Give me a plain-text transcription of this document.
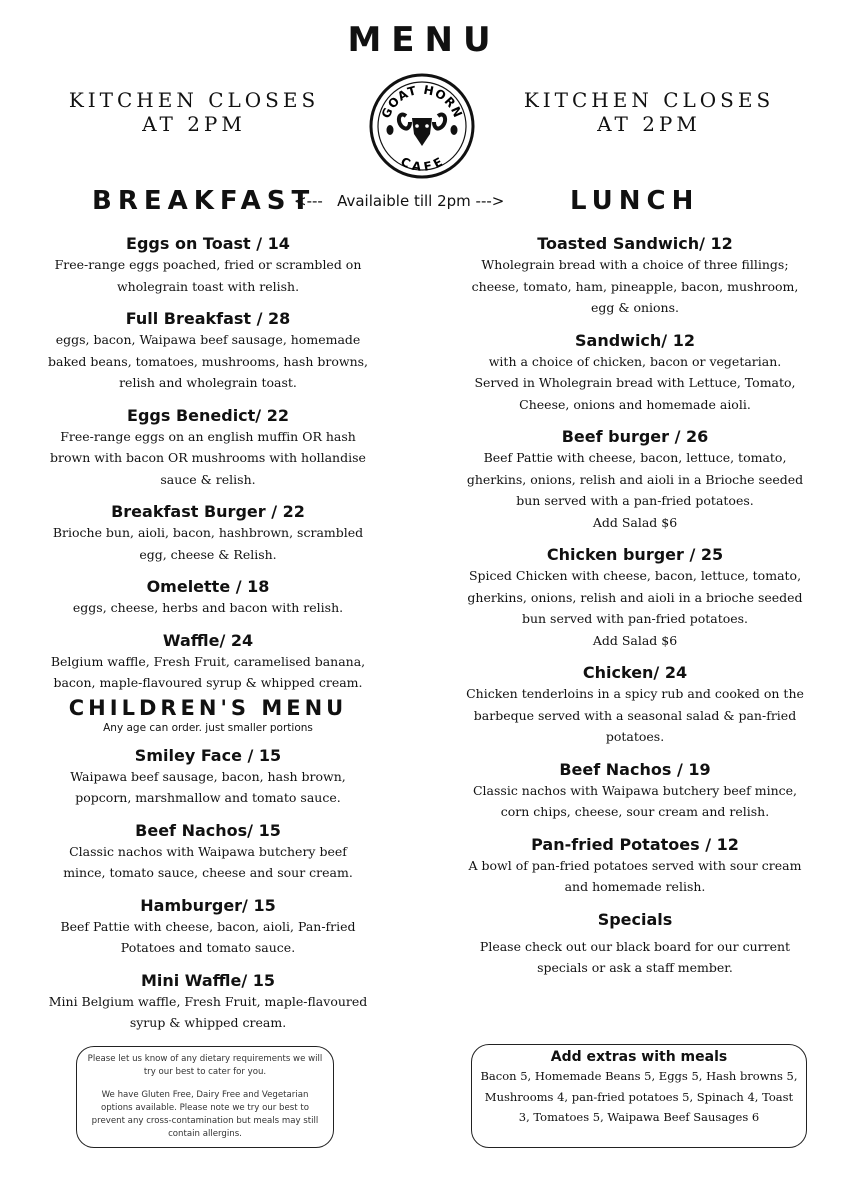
MENU
KITCHEN CLOSES
AT 2PM
KITCHEN CLOSES
AT 2PM
GOAT HORN
CAFE
BREAKFAST
<---   Availaible till 2pm --->	LUNCH
Eggs on Toast / 14
Free-range eggs poached, fried or scrambled on wholegrain toast with relish.
Full Breakfast / 28
eggs, bacon, Waipawa beef sausage, homemade baked beans, tomatoes, mushrooms, hash browns, relish and wholegrain toast.
Eggs Benedict/ 22
Free-range eggs on an english muffin OR hash brown with bacon OR mushrooms with hollandise sauce & relish.
Breakfast Burger / 22
Brioche bun, aioli, bacon, hashbrown, scrambled egg, cheese & Relish.
Omelette / 18
eggs, cheese, herbs and bacon with relish.
Waffle/ 24
Belgium waffle, Fresh Fruit, caramelised banana, bacon, maple-flavoured syrup & whipped cream.
CHILDREN'S MENU
Any age can order. just smaller portions
Smiley Face / 15
Waipawa beef sausage, bacon, hash brown, popcorn, marshmallow and tomato sauce.
Beef Nachos/ 15
Classic nachos with Waipawa butchery beef mince, tomato sauce, cheese and sour cream.
Hamburger/ 15
Beef Pattie with cheese, bacon, aioli, Pan-fried Potatoes and tomato sauce.
Mini Waffle/ 15
Mini Belgium waffle, Fresh Fruit, maple-flavoured syrup & whipped cream.
Toasted Sandwich/ 12
Wholegrain bread with a choice of three fillings; cheese, tomato, ham, pineapple, bacon, mushroom, egg & onions.
Sandwich/ 12
with a choice of chicken, bacon or vegetarian. Served in Wholegrain bread with Lettuce, Tomato, Cheese, onions and homemade aioli.
Beef burger / 26
Beef Pattie with cheese, bacon, lettuce, tomato, gherkins, onions, relish and aioli in a Brioche seeded bun served with a pan-fried potatoes.
Add Salad $6
Chicken burger / 25
Spiced Chicken with cheese, bacon, lettuce, tomato, gherkins, onions, relish and aioli in a brioche seeded bun served with pan-fried potatoes.
Add Salad $6
Chicken/ 24
Chicken tenderloins in a spicy rub and cooked on the barbeque served with a seasonal salad & pan-fried potatoes.
Beef Nachos / 19
Classic nachos with Waipawa butchery beef mince, corn chips, cheese, sour cream and relish.
Pan-fried Potatoes / 12
A bowl of pan-fried potatoes served with sour cream and homemade relish.
Specials
Please check out our black board for our current specials or ask a staff member.

Please let us know of any dietary requirements we will try our best to cater for you.

We have Gluten Free, Dairy Free and Vegetarian options available. Please note we try our best to prevent any cross-contamination but meals may still contain allergins.

Add extras with meals
Bacon 5, Homemade Beans 5, Eggs 5, Hash browns 5, Mushrooms 4, pan-fried potatoes 5, Spinach 4, Toast 3, Tomatoes 5, Waipawa Beef Sausages 6
